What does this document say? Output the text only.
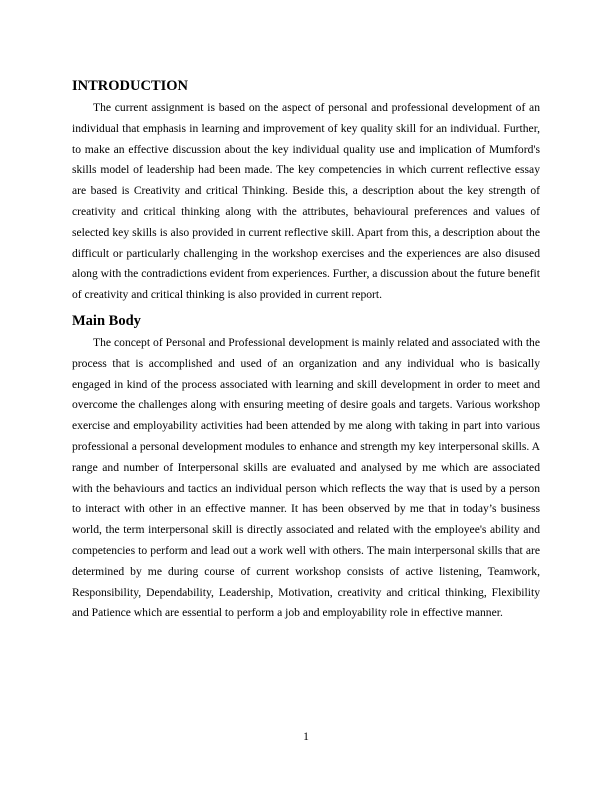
INTRODUCTION

The current assignment is based on the aspect of personal and professional development of an individual that emphasis in learning and improvement of key quality skill for an individual. Further, to make an effective discussion about the key individual quality use and implication of Mumford's skills model of leadership had been made. The key competencies in which current reflective essay are based is Creativity and critical Thinking. Beside this, a description about the key strength of creativity and critical thinking along with the attributes, behavioural preferences and values of selected key skills is also provided in current reflective skill. Apart from this, a description about the difficult or particularly challenging in the workshop exercises and the experiences are also disused along with the contradictions evident from experiences. Further, a discussion about the future benefit of creativity and critical thinking is also provided in current report.

Main Body

The concept of Personal and Professional development is mainly related and associated with the process that is accomplished and used of an organization and any individual who is basically engaged in kind of the process associated with learning and skill development in order to meet and overcome the challenges along with ensuring meeting of desire goals and targets. Various workshop exercise and employability activities had been attended by me along with taking in part into various professional a personal development modules to enhance and strength my key interpersonal skills. A range and number of Interpersonal skills are evaluated and analysed by me which are associated with the behaviours and tactics an individual person which reflects the way that is used by a person to interact with other in an effective manner. It has been observed by me that in today’s business world, the term interpersonal skill is directly associated and related with the employee's ability and competencies to perform and lead out a work well with others. The main interpersonal skills that are determined by me during course of current workshop consists of active listening, Teamwork, Responsibility, Dependability, Leadership, Motivation, creativity and critical thinking, Flexibility and Patience which are essential to perform a job and employability role in effective manner.

1
